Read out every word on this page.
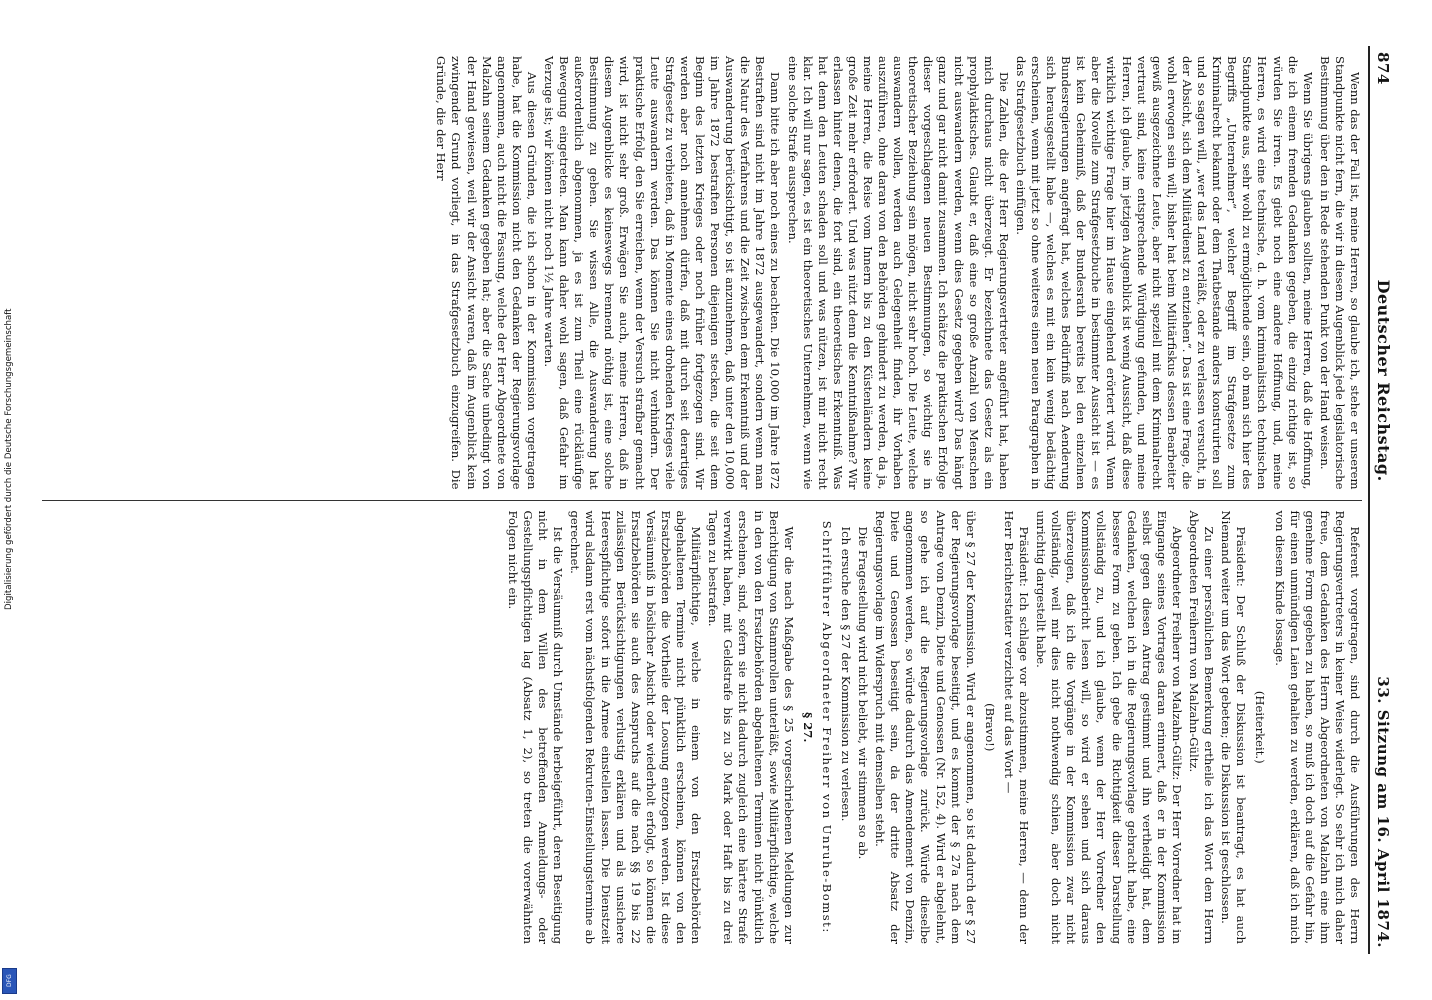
874
Deutscher Reichstag.
33. Sitzung am 16. April 1874.

Wenn das der Fall ist, meine Herren, so glaube ich, stehe er unserem Standpunkte nicht fern, die wir in diesem Augenblick jede legislatorische Bestimmung über den in Rede stehenden Punkt von der Hand weisen.

Wenn Sie übrigens glauben sollten, meine Herren, daß die Hoffnung, die ich einem fremden Gedanken gegeben, die einzig richtige ist, so würden Sie irren. Es giebt noch eine andere Hoffnung, und, meine Herren, es wird eine technische, d. h. vom kriminalistisch technischen Standpunkte aus, sehr wohl zu ermöglichende sein, ob man sich hier des Begriffs „Unternehmer“, welcher Begriff im Strafgesetze zum Kriminalrecht bekannt oder dem Thatbestande anders konstruirten soll und so sagen will, „wer das Land verläßt, oder zu verlassen versucht, in der Absicht, sich dem Militärdienst zu entziehen“. Das ist eine Frage, die wohl erwogen sein will; bisher hat beim Militärfiskus dessen Bearbeiter gewiß ausgezeichnete Leute, aber nicht speziell mit dem Kriminalrecht vertraut sind, keine entsprechende Würdigung gefunden, und meine Herren, ich glaube, im jetzigen Augenblick ist wenig Aussicht, daß diese wirklich wichtige Frage hier im Hause eingehend erörtert wird. Wenn aber die Novelle zum Strafgesetzbuche in bestimmter Aussicht ist — es ist kein Geheimniß, daß der Bundesrath bereits bei den einzelnen Bundesregierungen angefragt hat, welches Bedürfniß nach Aenderung sich herausgestellt habe —, welches es mit ein kein wenig bedächtig erscheinen, wenn mit jetzt so ohne weiteres einen neuen Paragraphen in das Strafgesetzbuch einfügen.

Die Zahlen, die der Herr Regierungsvertreter angeführt hat, haben mich durchaus nicht überzeugt. Er bezeichnete das Gesetz als ein prophylaktisches. Glaubt er, daß eine so große Anzahl von Menschen nicht auswandern werden, wenn dies Gesetz gegeben wird? Das hängt ganz und gar nicht damit zusammen. Ich schätze die praktischen Erfolge dieser vorgeschlagenen neuen Bestimmungen, so wichtig sie in theoretischer Beziehung sein mögen, nicht sehr hoch. Die Leute, welche auswandern wollen, werden auch Gelegenheit finden, ihr Vorhaben auszuführen, ohne daran von den Behörden gehindert zu werden, da ja, meine Herren, die Reise vom Innern bis zu den Küstenländern keine große Zeit mehr erfordert. Und was nützt denn die Kenntnißnahme? Wir erlassen hinter denen, die fort sind, ein theoretisches Erkenntniß. Was hat denn den Leuten schaden soll und was nützen, ist mir nicht recht klar. Ich will nur sagen, es ist ein theoretisches Unternehmen, wenn wie eine solche Strafe aussprechen.

Dann bitte ich aber noch eines zu beachten. Die 10,000 im Jahre 1872 Bestraften sind nicht im Jahre 1872 ausgewandert, sondern wenn man die Natur des Verfahrens und die Zeit zwischen dem Erkenntniß und der Auswanderung berücksichtigt, so ist anzunehmen, daß unter den 10,000 im Jahre 1872 bestraften Personen diejenigen stecken, die seit dem Beginn des letzten Krieges oder noch früher fortgezogen sind. Wir werden aber noch annehmen dürfen, daß mit durch seit derartiges Strafgesetz zu verbieten, daß in Momente eines drohenden Krieges viele Leute auswandern werden. Das können Sie nicht verhindern. Der praktische Erfolg, den Sie erreichen, wenn der Versuch strafbar gemacht wird, ist nicht sehr groß. Erwägen Sie auch, meine Herren, daß in diesem Augenblicke es keineswegs brennend nöthig ist, eine solche Bestimmung zu geben. Sie wissen Alle, die Auswanderung hat außerordentlich abgenommen, ja es ist zum Theil eine rückläufige Bewegung eingetreten. Man kann daher wohl sagen, daß Gefahr im Verzuge ist; wir können nicht noch 1½ Jahre warten.

Aus diesen Gründen, die ich schon in der Kommission vorgetragen habe, hat die Kommission nicht den Gedanken der Regierungsvorlage angenommen, auch nicht die Fassung, welche der Herr Abgeordnete von Malzahn seinem Gedanken gegeben hat; aber die Sache unbedingt von der Hand gewiesen, weil wir der Ansicht waren, daß im Augenblick kein zwingender Grund vorliegt, in das Strafgesetzbuch einzugreifen. Die Gründe, die der Herr

Referent vorgetragen, sind durch die Ausführungen des Herrn Regierungsvertreters in keiner Weise widerlegt. So sehr ich mich daher freue, dem Gedanken des Herrn Abgeordneten von Malzahn eine ihm genehme Form gegeben zu haben, so muß ich doch auf die Gefahr hin, für einen unmündigen Laien gehalten zu werden, erklären, daß ich mich von diesem Kinde lossage.

(Heiterkeit.)

Präsident: Der Schluß der Diskussion ist beantragt, es hat auch Niemand weiter um das Wort gebeten; die Diskussion ist geschlossen.

Zu einer persönlichen Bemerkung ertheile ich das Wort dem Herrn Abgeordneten Freiherrn von Malzahn-Gültz.

Abgeordneter Freiherr von Malzahn-Gültz: Der Herr Vorredner hat im Eingange seines Vortrages daran erinnert, daß er in der Kommission selbst gegen diesen Antrag gestimmt und ihn vertheidigt hat, dem Gedanken, welchen ich in die Regierungsvorlage gebracht habe, eine bessere Form zu geben. Ich gebe die Richtigkeit dieser Darstellung vollständig zu, und ich glaube, wenn der Herr Vorredner den Kommissionsbericht lesen will, so wird er sehen und sich daraus überzeugen, daß ich die Vorgänge in der Kommission zwar nicht vollständig, weil mir dies nicht nothwendig schien, aber doch nicht unrichtig dargestellt habe.

Präsident: Ich schlage vor abzustimmen, meine Herren, — denn der Herr Berichterstatter verzichtet auf das Wort —

(Bravo!)

über § 27 der Kommission. Wird er angenommen, so ist dadurch der § 27 der Regierungsvorlage beseitigt, und es kommt der § 27a nach dem Antrage von Denzin, Diete und Genossen (Nr. 152, 4). Wird er abgelehnt, so gehe ich auf die Regierungsvorlage zurück. Würde dieselbe angenommen werden, so würde dadurch das Amendement von Denzin, Diete und Genossen beseitigt sein, da der dritte Absatz der Regierungsvorlage im Widerspruch mit demselben steht.

Die Fragestellung wird nicht beliebt, wir stimmen so ab.

Ich ersuche den § 27 der Kommission zu verlesen.

Schriftführer Abgeordneter Freiherr von Unruhe-Bomst:

§ 27.

Wer die nach Maßgabe des § 25 vorgeschriebenen Meldungen zur Berichtigung von Stammrollen unterläßt, sowie Militärpflichtige, welche in den von den Ersatzbehörden abgehaltenen Terminen nicht pünktlich erscheinen, sind, sofern sie nicht dadurch zugleich eine härtere Strafe verwirkt haben, mit Geldstrafe bis zu 30 Mark oder Haft bis zu drei Tagen zu bestrafen.

Militärpflichtige, welche in einem von den Ersatzbehörden abgehaltenen Termine nicht pünktlich erscheinen, können von den Ersatzbehörden die Vortheile der Loosung entzogen werden. Ist diese Versäumniß in böslicher Absicht oder wiederholt erfolgt, so können die Ersatzbehörden sie auch des Anspruchs auf die nach §§ 19 bis 22 zulässigen Berücksichtigungen verlustig erklären und als unsichere Heerespflichtige sofort in die Armee einstellen lassen. Die Dienstzeit wird alsdann erst vom nächstfolgenden Rekruten-Einstellungstermine ab gerechnet.

Ist die Versäumniß durch Umstände herbeigeführt, deren Beseitigung nicht in dem Willen des betreffenden Anmeldungs- oder Gestellungspflichtigen lag (Absatz 1, 2), so treten die vorerwähnten Folgen nicht ein.

Digitalisierung gefördert durch die Deutsche Forschungsgemeinschaft
DFG
